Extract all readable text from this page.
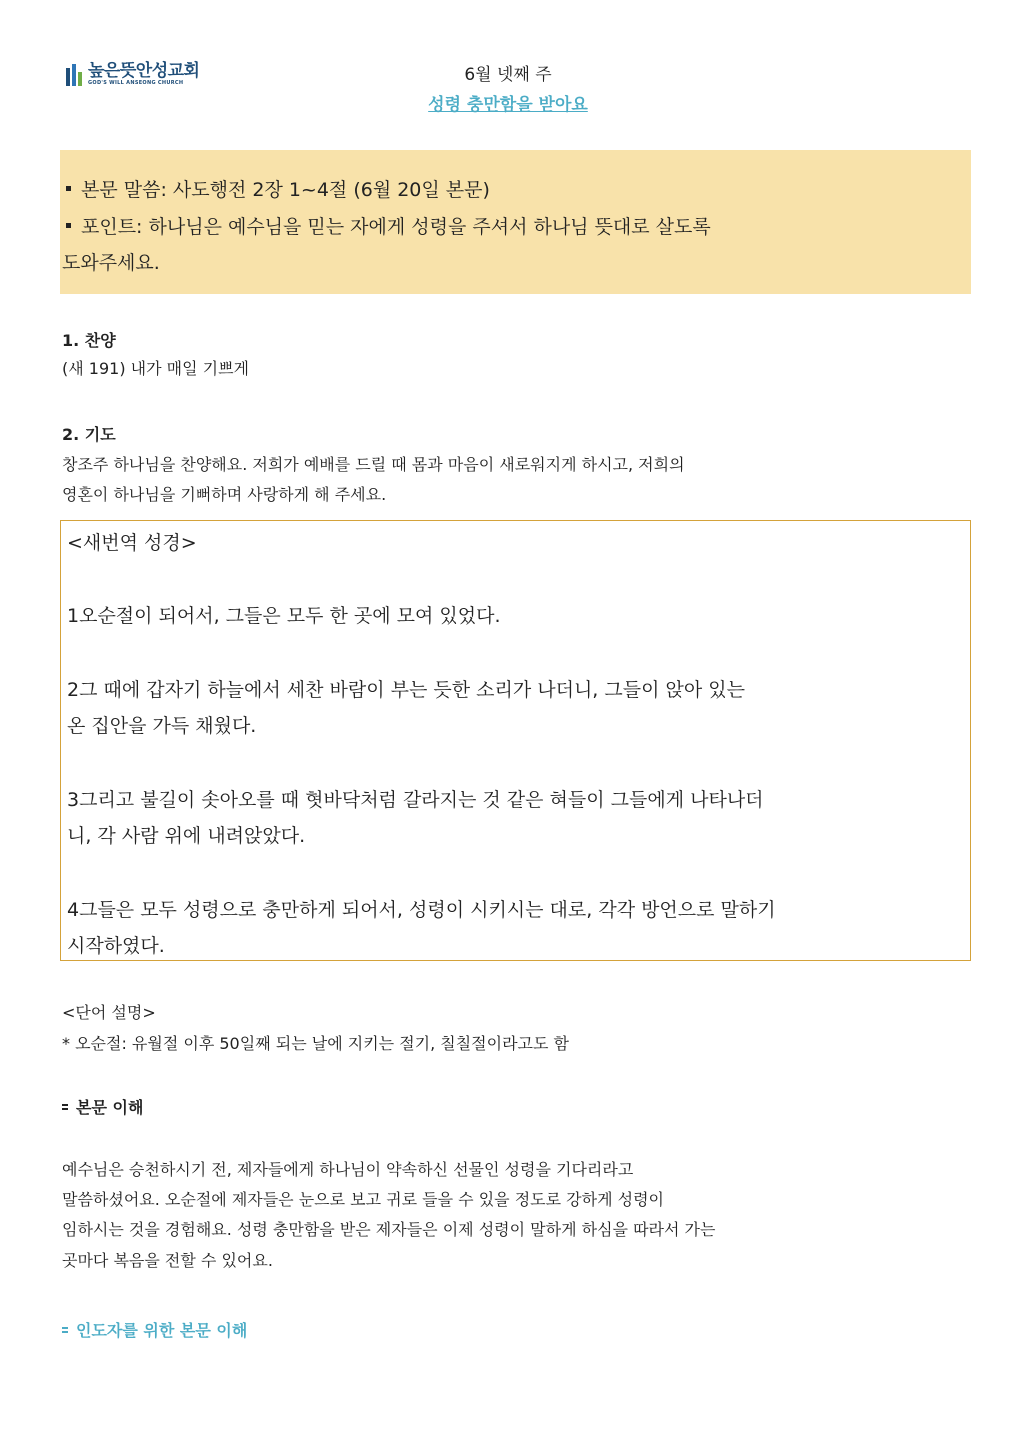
높은뜻안성교회
GOD'S WILL ANSEONG CHURCH	6월 넷째 주
성령 충만함을 받아요
본문 말씀: 사도행전 2장 1~4절 (6월 20일 본문)
포인트: 하나님은 예수님을 믿는 자에게 성령을 주셔서 하나님 뜻대로 살도록
도와주세요.
1. 찬양
(새 191) 내가 매일 기쁘게
2. 기도
창조주 하나님을 찬양해요. 저희가 예배를 드릴 때 몸과 마음이 새로워지게 하시고, 저희의
영혼이 하나님을 기뻐하며 사랑하게 해 주세요.
<새번역 성경>
1오순절이 되어서, 그들은 모두 한 곳에 모여 있었다.
2그 때에 갑자기 하늘에서 세찬 바람이 부는 듯한 소리가 나더니, 그들이 앉아 있는
온 집안을 가득 채웠다.
3그리고 불길이 솟아오를 때 혓바닥처럼 갈라지는 것 같은 혀들이 그들에게 나타나더
니, 각 사람 위에 내려앉았다.
4그들은 모두 성령으로 충만하게 되어서, 성령이 시키시는 대로, 각각 방언으로 말하기
시작하였다.
<단어 설명>
* 오순절: 유월절 이후 50일째 되는 날에 지키는 절기, 칠칠절이라고도 함
본문 이해
예수님은 승천하시기 전, 제자들에게 하나님이 약속하신 선물인 성령을 기다리라고
말씀하셨어요. 오순절에 제자들은 눈으로 보고 귀로 들을 수 있을 정도로 강하게 성령이
임하시는 것을 경험해요. 성령 충만함을 받은 제자들은 이제 성령이 말하게 하심을 따라서 가는
곳마다 복음을 전할 수 있어요.
인도자를 위한 본문 이해
